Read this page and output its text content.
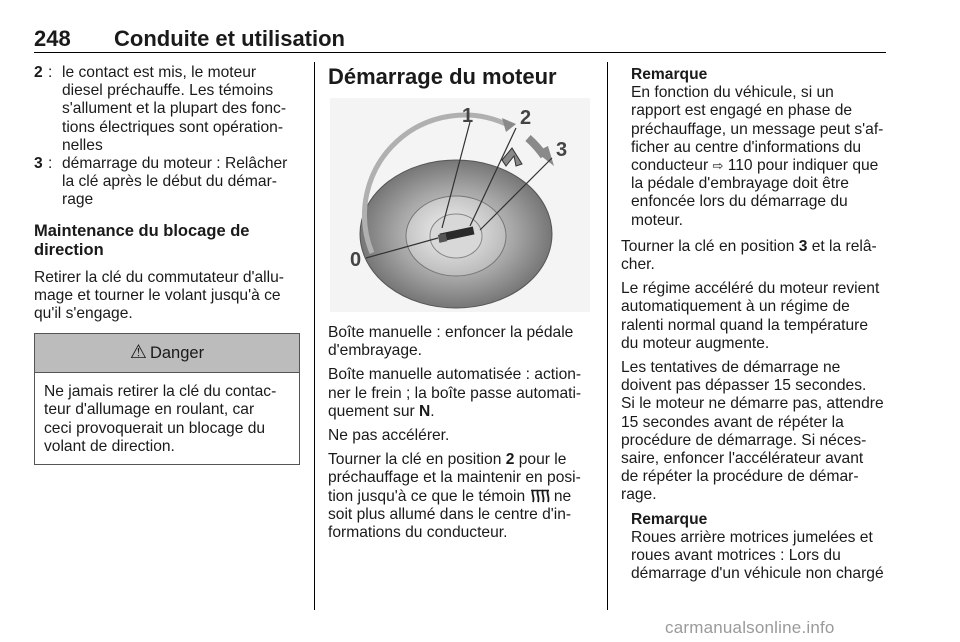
248 Conduite et utilisation
2 : le contact est mis, le moteur
diesel préchauffe. Les témoins
s'allument et la plupart des fonc-
tions électriques sont opération-
nelles
3 : démarrage du moteur : Relâcher
la clé après le début du démar-
rage
Maintenance du blocage de
direction

Retirer la clé du commutateur d'allu-
mage et tourner le volant jusqu'à ce
qu'il s'engage.

⚠ Danger
Ne jamais retirer la clé du contac-
teur d'allumage en roulant, car
ceci provoquerait un blocage du
volant de direction.
Démarrage du moteur
0
1 2
3

Boîte manuelle : enfoncer la pédale
d'embrayage.

Boîte manuelle automatisée : action-
ner le frein ; la boîte passe automati-
quement sur N.

Ne pas accélérer.

Tourner la clé en position 2 pour le
préchauffage et la maintenir en posi-
tion jusqu'à ce que le témoin  ne
soit plus allumé dans le centre d'in-
formations du conducteur.

Remarque
En fonction du véhicule, si un
rapport est engagé en phase de
préchauffage, un message peut s'af-
ficher au centre d'informations du
conducteur ⇨ 110 pour indiquer que
la pédale d'embrayage doit être
enfoncée lors du démarrage du
moteur.

Tourner la clé en position 3 et la relâ-
cher.

Le régime accéléré du moteur revient
automatiquement à un régime de
ralenti normal quand la température
du moteur augmente.

Les tentatives de démarrage ne
doivent pas dépasser 15 secondes.
Si le moteur ne démarre pas, attendre
15 secondes avant de répéter la
procédure de démarrage. Si néces-
saire, enfoncer l'accélérateur avant
de répéter la procédure de démar-
rage.

Remarque
Roues arrière motrices jumelées et
roues avant motrices : Lors du
démarrage d'un véhicule non chargé
carmanualsonline.info
